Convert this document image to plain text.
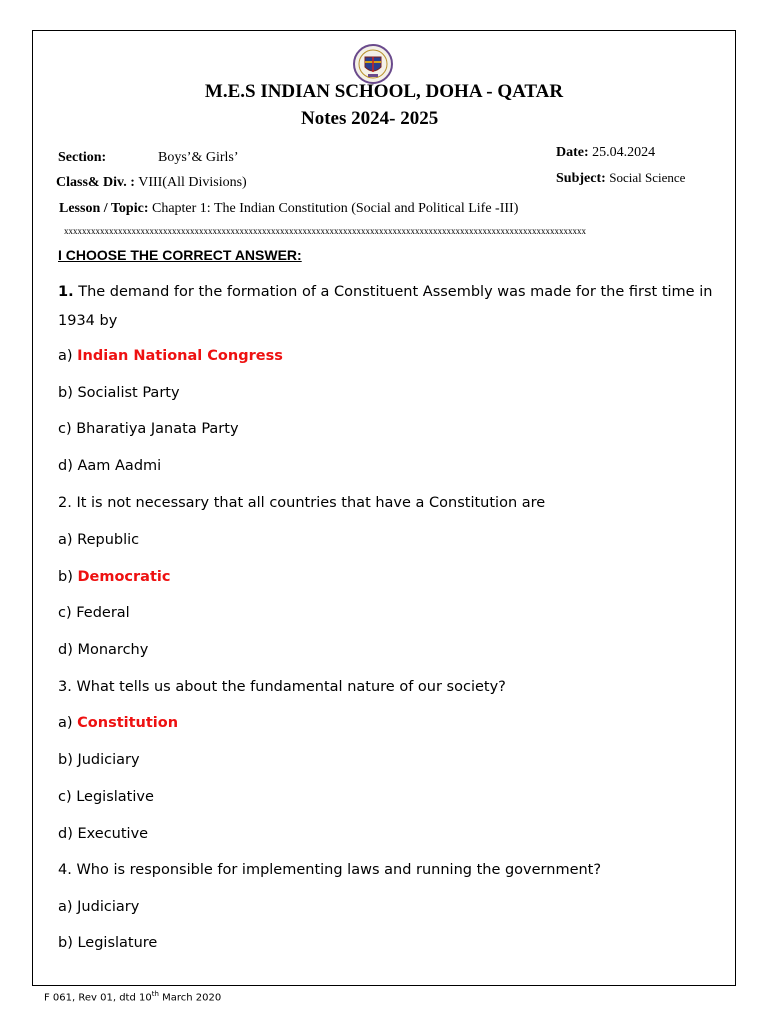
M.E.S INDIAN SCHOOL, DOHA - QATAR
Notes 2024- 2025
Section:	Boys’& Girls’	Date: 25.04.2024
Class& Div. : VIII(All Divisions)	Subject: Social Science
Lesson / Topic: Chapter 1: The Indian Constitution (Social and Political Life -III)
xxxxxxxxxxxxxxxxxxxxxxxxxxxxxxxxxxxxxxxxxxxxxxxxxxxxxxxxxxxxxxxxxxxxxxxxxxxxxxxxxxxxxxxxxxxxxxxxxxxxxxxxxxxxxxxxxxxx
I CHOOSE THE CORRECT ANSWER:
1. The demand for the formation of a Constituent Assembly was made for the first time in
1934 by
a) Indian National Congress
b) Socialist Party
c) Bharatiya Janata Party
d) Aam Aadmi
2. It is not necessary that all countries that have a Constitution are
a) Republic
b) Democratic
c) Federal
d) Monarchy
3. What tells us about the fundamental nature of our society?
a) Constitution
b) Judiciary
c) Legislative
d) Executive
4. Who is responsible for implementing laws and running the government?
a) Judiciary
b) Legislature
F 061, Rev 01, dtd 10th March 2020
